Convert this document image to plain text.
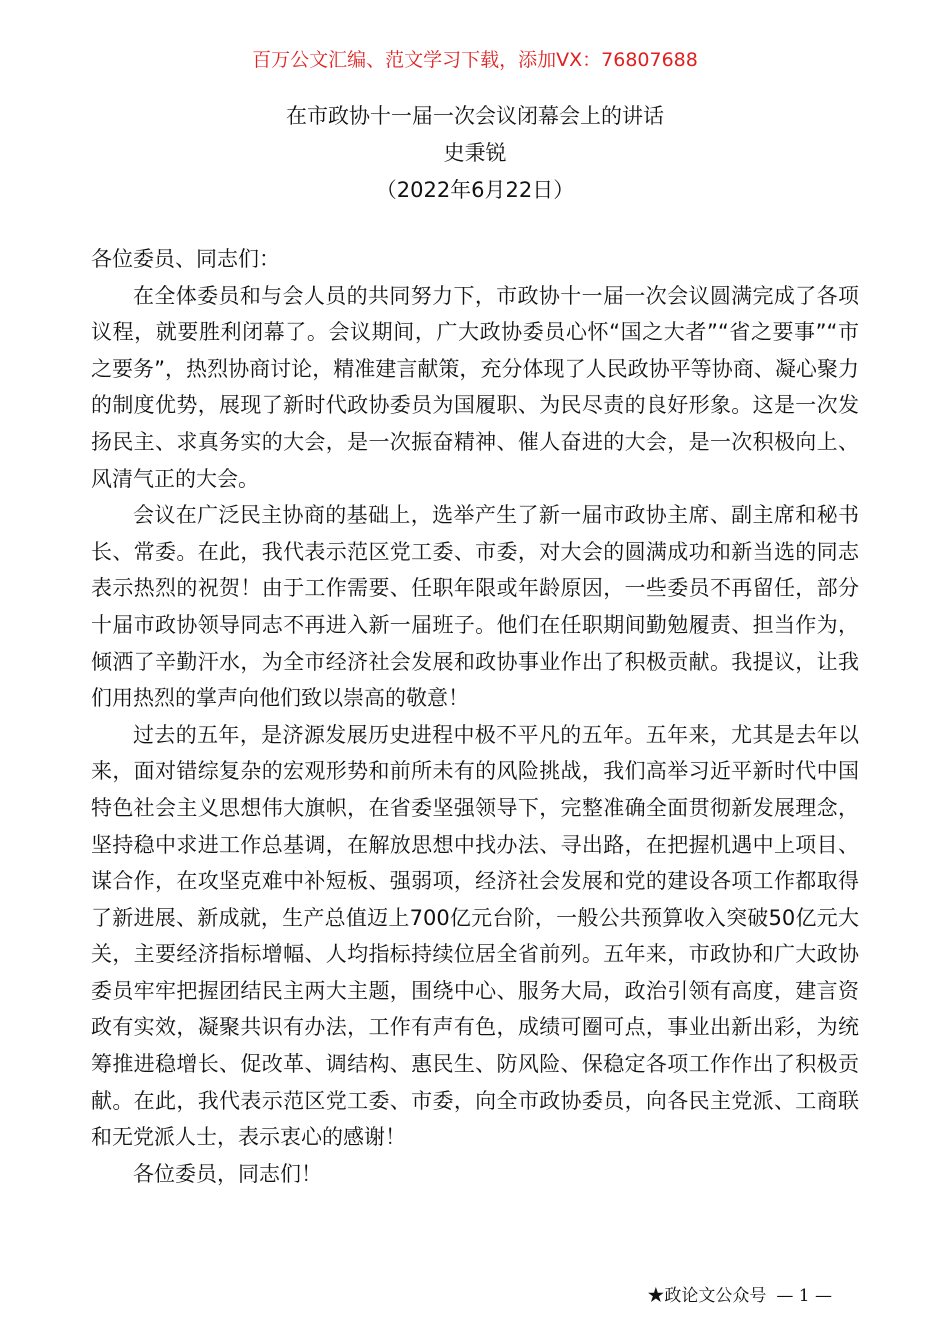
百万公文汇编、范文学习下载，添加VX：76807688
在市政协十一届一次会议闭幕会上的讲话
史秉锐
（2022年6月22日）

各位委员、同志们：

在全体委员和与会人员的共同努力下，市政协十一届一次会议圆满完成了各项议程，就要胜利闭幕了。会议期间，广大政协委员心怀“国之大者”“省之要事”“市之要务”，热烈协商讨论，精准建言献策，充分体现了人民政协平等协商、凝心聚力的制度优势，展现了新时代政协委员为国履职、为民尽责的良好形象。这是一次发扬民主、求真务实的大会，是一次振奋精神、催人奋进的大会，是一次积极向上、风清气正的大会。

会议在广泛民主协商的基础上，选举产生了新一届市政协主席、副主席和秘书长、常委。在此，我代表示范区党工委、市委，对大会的圆满成功和新当选的同志表示热烈的祝贺！由于工作需要、任职年限或年龄原因，一些委员不再留任，部分十届市政协领导同志不再进入新一届班子。他们在任职期间勤勉履责、担当作为，倾洒了辛勤汗水，为全市经济社会发展和政协事业作出了积极贡献。我提议，让我们用热烈的掌声向他们致以崇高的敬意！

过去的五年，是济源发展历史进程中极不平凡的五年。五年来，尤其是去年以来，面对错综复杂的宏观形势和前所未有的风险挑战，我们高举习近平新时代中国特色社会主义思想伟大旗帜，在省委坚强领导下，完整准确全面贯彻新发展理念，坚持稳中求进工作总基调，在解放思想中找办法、寻出路，在把握机遇中上项目、谋合作，在攻坚克难中补短板、强弱项，经济社会发展和党的建设各项工作都取得了新进展、新成就，生产总值迈上700亿元台阶，一般公共预算收入突破50亿元大关，主要经济指标增幅、人均指标持续位居全省前列。五年来，市政协和广大政协委员牢牢把握团结民主两大主题，围绕中心、服务大局，政治引领有高度，建言资政有实效，凝聚共识有办法，工作有声有色，成绩可圈可点，事业出新出彩，为统筹推进稳增长、促改革、调结构、惠民生、防风险、保稳定各项工作作出了积极贡献。在此，我代表示范区党工委、市委，向全市政协委员，向各民主党派、工商联和无党派人士，表示衷心的感谢！

各位委员，同志们！

★政论文公众号 — 1 —
